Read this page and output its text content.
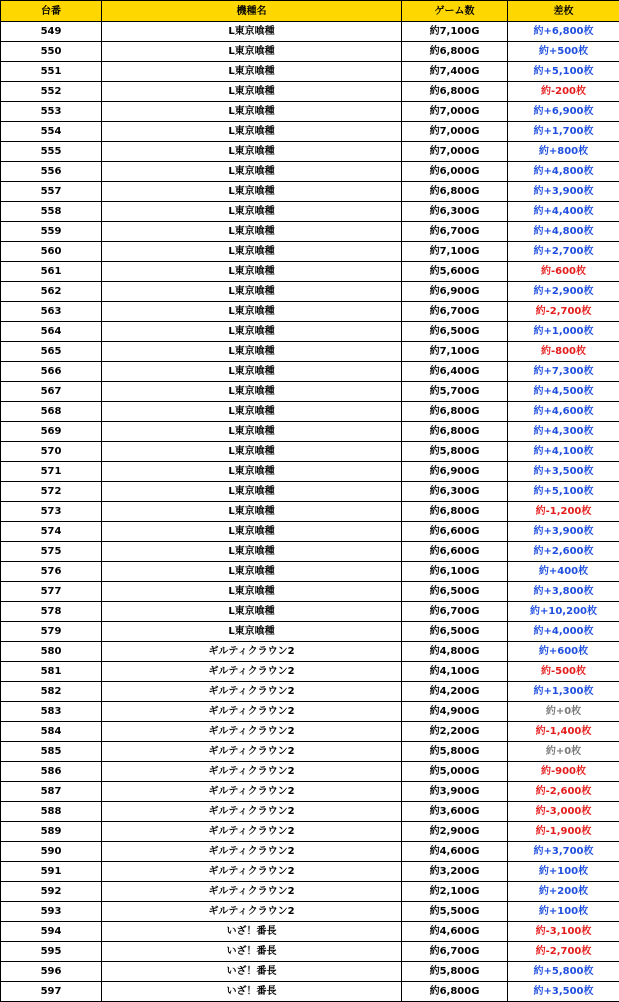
台番	機種名	ゲーム数	差枚
549	L東京喰種	約7,100G	約+6,800枚
550	L東京喰種	約6,800G	約+500枚
551	L東京喰種	約7,400G	約+5,100枚
552	L東京喰種	約6,800G	約-200枚
553	L東京喰種	約7,000G	約+6,900枚
554	L東京喰種	約7,000G	約+1,700枚
555	L東京喰種	約7,000G	約+800枚
556	L東京喰種	約6,000G	約+4,800枚
557	L東京喰種	約6,800G	約+3,900枚
558	L東京喰種	約6,300G	約+4,400枚
559	L東京喰種	約6,700G	約+4,800枚
560	L東京喰種	約7,100G	約+2,700枚
561	L東京喰種	約5,600G	約-600枚
562	L東京喰種	約6,900G	約+2,900枚
563	L東京喰種	約6,700G	約-2,700枚
564	L東京喰種	約6,500G	約+1,000枚
565	L東京喰種	約7,100G	約-800枚
566	L東京喰種	約6,400G	約+7,300枚
567	L東京喰種	約5,700G	約+4,500枚
568	L東京喰種	約6,800G	約+4,600枚
569	L東京喰種	約6,800G	約+4,300枚
570	L東京喰種	約5,800G	約+4,100枚
571	L東京喰種	約6,900G	約+3,500枚
572	L東京喰種	約6,300G	約+5,100枚
573	L東京喰種	約6,800G	約-1,200枚
574	L東京喰種	約6,600G	約+3,900枚
575	L東京喰種	約6,600G	約+2,600枚
576	L東京喰種	約6,100G	約+400枚
577	L東京喰種	約6,500G	約+3,800枚
578	L東京喰種	約6,700G	約+10,200枚
579	L東京喰種	約6,500G	約+4,000枚
580	ギルティクラウン2	約4,800G	約+600枚
581	ギルティクラウン2	約4,100G	約-500枚
582	ギルティクラウン2	約4,200G	約+1,300枚
583	ギルティクラウン2	約4,900G	約+0枚
584	ギルティクラウン2	約2,200G	約-1,400枚
585	ギルティクラウン2	約5,800G	約+0枚
586	ギルティクラウン2	約5,000G	約-900枚
587	ギルティクラウン2	約3,900G	約-2,600枚
588	ギルティクラウン2	約3,600G	約-3,000枚
589	ギルティクラウン2	約2,900G	約-1,900枚
590	ギルティクラウン2	約4,600G	約+3,700枚
591	ギルティクラウン2	約3,200G	約+100枚
592	ギルティクラウン2	約2,100G	約+200枚
593	ギルティクラウン2	約5,500G	約+100枚
594	いざ！番長	約4,600G	約-3,100枚
595	いざ！番長	約6,700G	約-2,700枚
596	いざ！番長	約5,800G	約+5,800枚
597	いざ！番長	約6,800G	約+3,500枚
